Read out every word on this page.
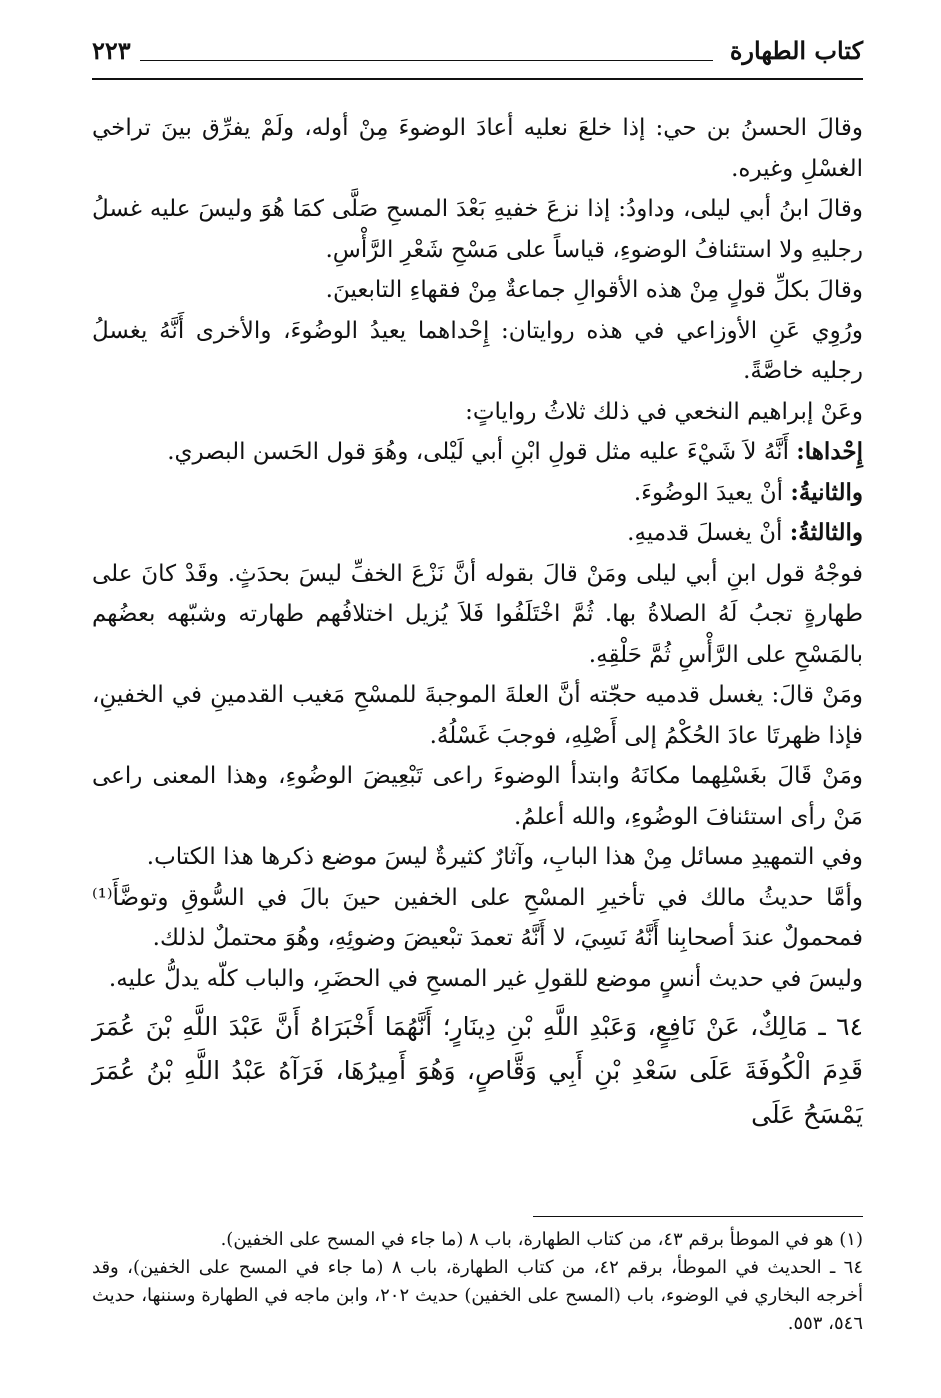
كتاب الطهارة
٢٢٣

وقالَ الحسنُ بن حي: إذا خلعَ نعليه أعادَ الوضوءَ مِنْ أوله، ولَمْ يفرِّق بينَ تراخي الغسْلِ وغيره.

وقالَ ابنُ أبي ليلى، وداودُ: إذا نزعَ خفيهِ بَعْدَ المسحِ صَلَّى كمَا هُوَ وليسَ عليه غسلُ رجليهِ ولا استئنافُ الوضوءِ، قياساً على مَسْحِ شَعْرِ الرَّأْسِ.

وقالَ بكلِّ قولٍ مِنْ هذه الأقوالِ جماعةٌ مِنْ فقهاءِ التابعينَ.

ورُوِي عَنِ الأوزاعي في هذه روايتان: إِحْداهما يعيدُ الوضُوءَ، والأخرى أَنَّهُ يغسلُ رجليه خاصَّةً.

وعَنْ إبراهيم النخعي في ذلك ثلاثُ رواياتٍ:

إِحْداها: أَنَّهُ لاَ شَيْءَ عليه مثل قولِ ابْنِ أبي لَيْلى، وهُوَ قول الحَسن البصري.

والثانيةُ: أنْ يعيدَ الوضُوءَ.

والثالثةُ: أنْ يغسلَ قدميهِ.

فوجْهُ قول ابنِ أبي ليلى ومَنْ قالَ بقوله أنَّ نَزْعَ الخفِّ ليسَ بحدَثٍ. وقَدْ كانَ على طهارةٍ تجبُ لَهُ الصلاةُ بها. ثُمَّ اخْتَلَفُوا فَلاَ يُزيل اختلافُهم طهارته وشبّهه بعضُهم بالمَسْحِ على الرَّأْسِ ثُمَّ حَلْقِهِ.

ومَنْ قالَ: يغسل قدميه حجّته أنَّ العلةَ الموجبةَ للمسْحِ مَغيب القدمينِ في الخفينِ، فإذا ظهرتَا عادَ الحُكْمُ إلى أَصْلِهِ، فوجبَ غَسْلُهُ.

ومَنْ قَالَ بغَسْلِهما مكانَهُ وابتدأ الوضوءَ راعى تَبْعِيضَ الوضُوءِ، وهذا المعنى راعى مَنْ رأى استئنافَ الوضُوءِ، والله أعلمُ.

وفي التمهيدِ مسائل مِنْ هذا البابِ، وآثارٌ كثيرةٌ ليسَ موضع ذكرها هذا الكتاب.

وأمَّا حديثُ مالك في تأخيرِ المسْحِ على الخفين حينَ بالَ في السُّوقِ وتوضَّأَ⁽¹⁾ فمحمولٌ عندَ أصحابِنا أَنَّهُ نَسِيَ، لا أَنَّهُ تعمدَ تبْعيضَ وضوئِهِ، وهُوَ محتملٌ لذلك.

وليسَ في حديث أنسٍ موضع للقولِ غير المسحِ في الحضَرِ، والباب كلّه يدلُّ عليه.

٦٤ ـ مَالِكٌ، عَنْ نَافِعٍ، وَعَبْدِ اللَّهِ بْنِ دِينَارٍ؛ أَنَّهُمَا أَخْبَرَاهُ أَنَّ عَبْدَ اللَّهِ بْنَ عُمَرَ قَدِمَ الْكُوفَةَ عَلَى سَعْدِ بْنِ أَبِي وَقَّاصٍ، وَهُوَ أَمِيرُهَا، فَرَآهُ عَبْدُ اللَّهِ بْنُ عُمَرَ يَمْسَحُ عَلَى

(١) هو في الموطأ برقم ٤٣، من كتاب الطهارة، باب ٨ (ما جاء في المسح على الخفين).

٦٤ ـ الحديث في الموطأ، برقم ٤٢، من كتاب الطهارة، باب ٨ (ما جاء في المسح على الخفين)، وقد أخرجه البخاري في الوضوء، باب (المسح على الخفين) حديث ٢٠٢، وابن ماجه في الطهارة وسننها، حديث ٥٤٦، ٥٥٣.
